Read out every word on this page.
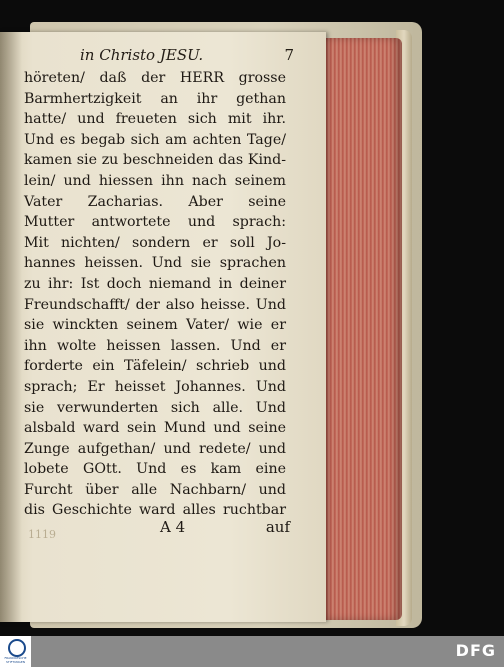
in Christo JESU.	7
höreten/ daß der HERR grosse
Barmhertzigkeit an ihr gethan
hatte/ und freueten sich mit ihr.
Und es begab sich am achten Tage/
kamen sie zu beschneiden das Kind-
lein/ und hiessen ihn nach seinem
Vater Zacharias. Aber seine
Mutter antwortete und sprach:
Mit nichten/ sondern er soll Jo-
hannes heissen. Und sie sprachen
zu ihr: Ist doch niemand in deiner
Freundschafft/ der also heisse. Und
sie winckten seinem Vater/ wie er
ihn wolte heissen lassen. Und er
forderte ein Täfelein/ schrieb und
sprach; Er heisset Johannes. Und
sie verwunderten sich alle. Und
alsbald ward sein Mund und seine
Zunge aufgethan/ und redete/ und
lobete GOtt. Und es kam eine
Furcht über alle Nachbarn/ und
dis Geschichte ward alles ruchtbar
1119	A 4	auf
FRANCKESCHE STIFTUNGEN
DFG
